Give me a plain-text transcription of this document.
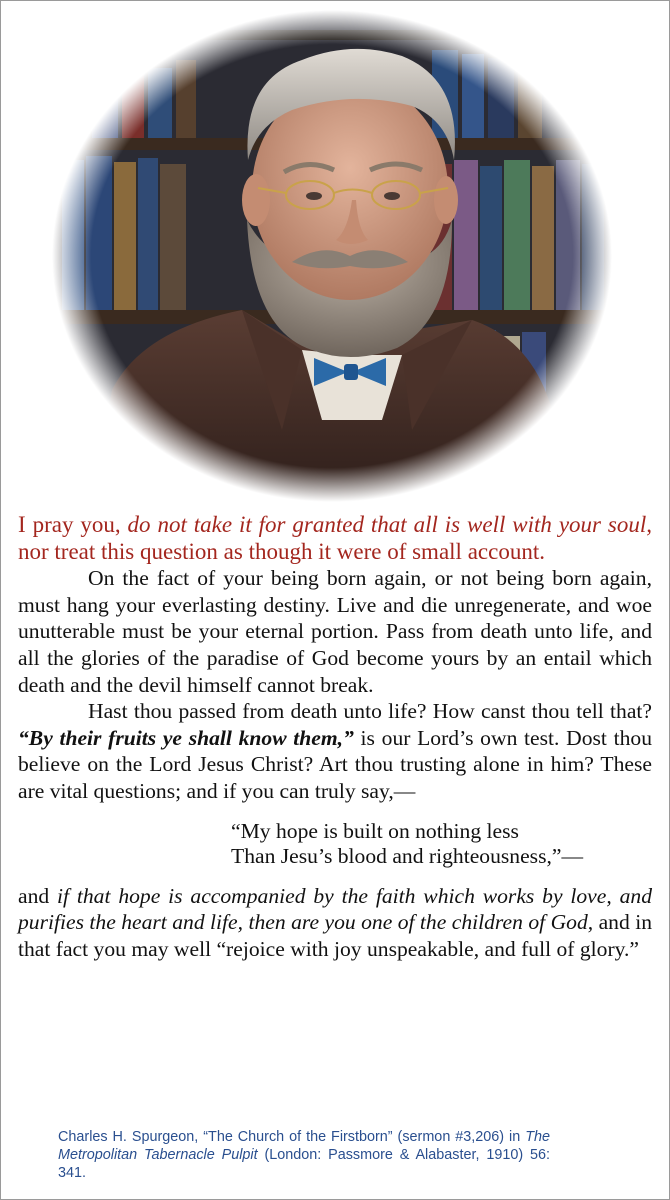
I pray you, do not take it for granted that all is well with your soul, nor treat this question as though it were of small account.

On the fact of your being born again, or not being born again, must hang your everlasting destiny. Live and die unregenerate, and woe unutterable must be your eternal portion. Pass from death unto life, and all the glories of the paradise of God become yours by an entail which death and the devil himself cannot break.

Hast thou passed from death unto life? How canst thou tell that? “By their fruits ye shall know them,” is our Lord’s own test. Dost thou believe on the Lord Jesus Christ? Art thou trusting alone in him? These are vital questions; and if you can truly say,—

“My hope is built on nothing less
Than Jesu’s blood and righteousness,”—

and if that hope is accompanied by the faith which works by love, and purifies the heart and life, then are you one of the children of God, and in that fact you may well “rejoice with joy unspeakable, and full of glory.”

Charles H. Spurgeon, “The Church of the Firstborn” (sermon #3,206) in The Metropolitan Tabernacle Pulpit (London: Passmore & Alabaster, 1910) 56: 341.
